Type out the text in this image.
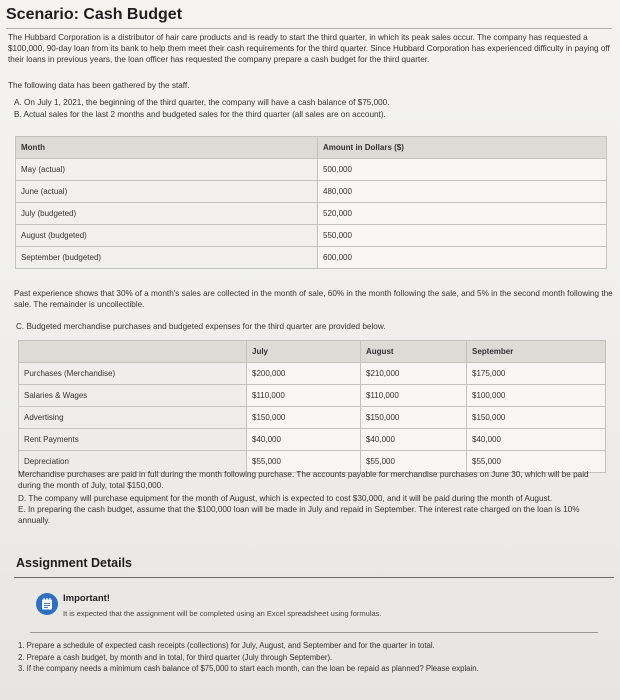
Scenario: Cash Budget
The Hubbard Corporation is a distributor of hair care products and is ready to start the third quarter, in which its peak sales occur. The company has requested a $100,000, 90-day loan from its bank to help them meet their cash requirements for the third quarter. Since Hubbard Corporation has experienced difficulty in paying off their loans in previous years, the loan officer has requested the company prepare a cash budget for the third quarter.
The following data has been gathered by the staff.
A. On July 1, 2021, the beginning of the third quarter, the company will have a cash balance of $75,000.
B. Actual sales for the last 2 months and budgeted sales for the third quarter (all sales are on account).
Month	Amount in Dollars ($)
May (actual)	500,000
June (actual)	480,000
July (budgeted)	520,000
August (budgeted)	550,000
September (budgeted)	600,000
Past experience shows that 30% of a month's sales are collected in the month of sale, 60% in the month following the sale, and 5% in the second month following the sale. The remainder is uncollectible.
C. Budgeted merchandise purchases and budgeted expenses for the third quarter are provided below.
	July	August	September
Purchases (Merchandise)	$200,000	$210,000	$175,000
Salaries & Wages	$110,000	$110,000	$100,000
Advertising	$150,000	$150,000	$150,000
Rent Payments	$40,000	$40,000	$40,000
Depreciation	$55,000	$55,000	$55,000
Merchandise purchases are paid in full during the month following purchase. The accounts payable for merchandise purchases on June 30, which will be paid during the month of July, total $150,000.
D. The company will purchase equipment for the month of August, which is expected to cost $30,000, and it will be paid during the month of August.
E. In preparing the cash budget, assume that the $100,000 loan will be made in July and repaid in September. The interest rate charged on the loan is 10% annually.
Assignment Details
Important!
It is expected that the assignment will be completed using an Excel spreadsheet using formulas.
1. Prepare a schedule of expected cash receipts (collections) for July, August, and September and for the quarter in total.
2. Prepare a cash budget, by month and in total, for third quarter (July through September).
3. If the company needs a minimum cash balance of $75,000 to start each month, can the loan be repaid as planned? Please explain.
